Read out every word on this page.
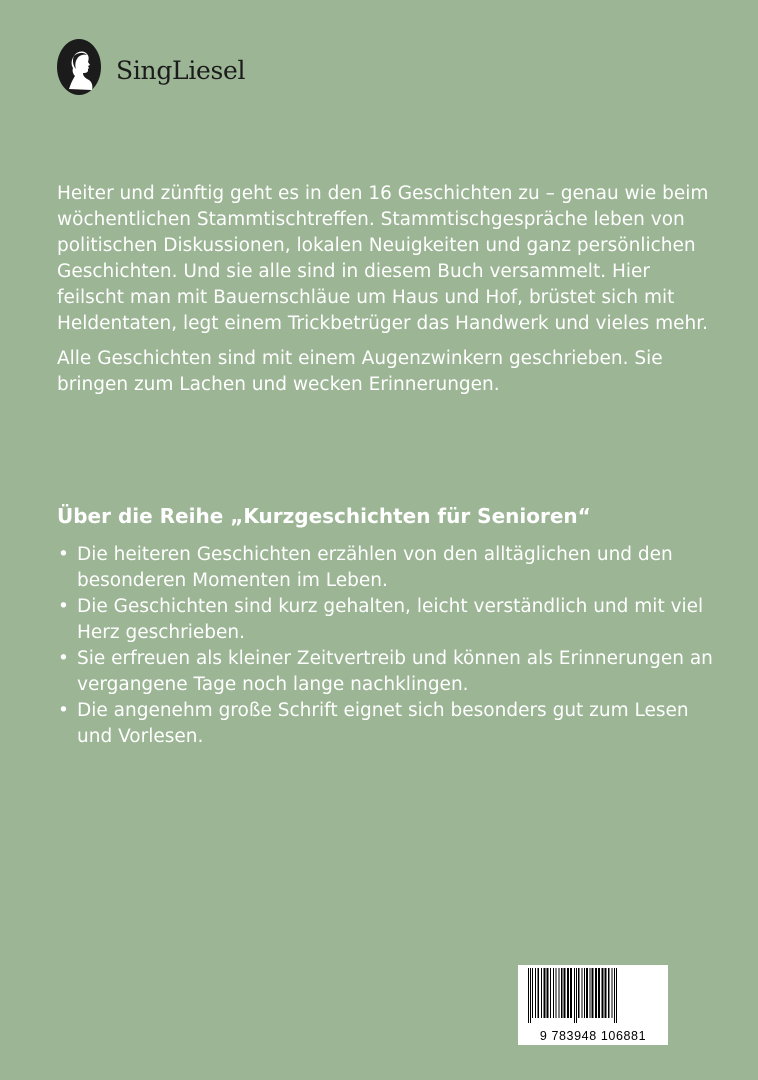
SingLiesel

Heiter und zünftig geht es in den 16 Geschichten zu – genau wie beim wöchentlichen Stammtischtreffen. Stammtischgespräche leben von politischen Diskussionen, lokalen Neuigkeiten und ganz persönlichen Geschichten. Und sie alle sind in diesem Buch versammelt. Hier feilscht man mit Bauernschläue um Haus und Hof, brüstet sich mit Heldentaten, legt einem Trickbetrüger das Handwerk und vieles mehr.

Alle Geschichten sind mit einem Augenzwinkern geschrieben. Sie bringen zum Lachen und wecken Erinnerungen.

Über die Reihe „Kurzgeschichten für Senioren“
• Die heiteren Geschichten erzählen von den alltäglichen und den besonderen Momenten im Leben.
• Die Geschichten sind kurz gehalten, leicht verständlich und mit viel Herz geschrieben.
• Sie erfreuen als kleiner Zeitvertreib und können als Erinnerungen an vergangene Tage noch lange nachklingen.
• Die angenehm große Schrift eignet sich besonders gut zum Lesen und Vorlesen.
9 783948 106881
